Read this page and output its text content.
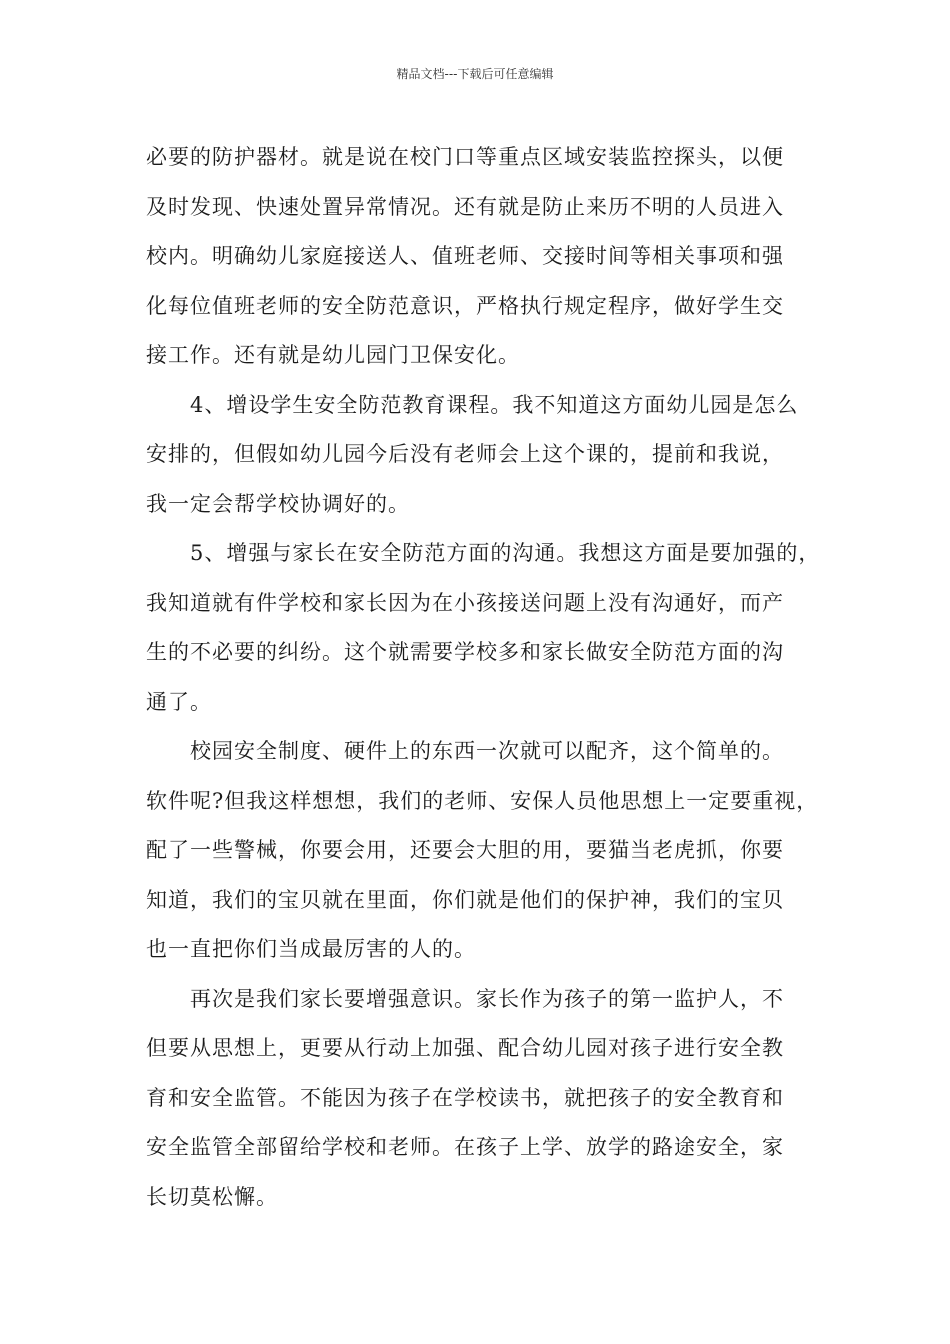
精品文档---下载后可任意编辑

必要的防护器材。就是说在校门口等重点区域安装监控探头，以便
及时发现、快速处置异常情况。还有就是防止来历不明的人员进入
校内。明确幼儿家庭接送人、值班老师、交接时间等相关事项和强
化每位值班老师的安全防范意识，严格执行规定程序，做好学生交
接工作。还有就是幼儿园门卫保安化。

4、增设学生安全防范教育课程。我不知道这方面幼儿园是怎么
安排的，但假如幼儿园今后没有老师会上这个课的，提前和我说，
我一定会帮学校协调好的。

5、增强与家长在安全防范方面的沟通。我想这方面是要加强的，
我知道就有件学校和家长因为在小孩接送问题上没有沟通好，而产
生的不必要的纠纷。这个就需要学校多和家长做安全防范方面的沟
通了。

校园安全制度、硬件上的东西一次就可以配齐，这个简单的。
软件呢?但我这样想想，我们的老师、安保人员他思想上一定要重视，
配了一些警械，你要会用，还要会大胆的用，要猫当老虎抓，你要
知道，我们的宝贝就在里面，你们就是他们的保护神，我们的宝贝
也一直把你们当成最厉害的人的。

再次是我们家长要增强意识。家长作为孩子的第一监护人，不
但要从思想上，更要从行动上加强、配合幼儿园对孩子进行安全教
育和安全监管。不能因为孩子在学校读书，就把孩子的安全教育和
安全监管全部留给学校和老师。在孩子上学、放学的路途安全，家
长切莫松懈。
